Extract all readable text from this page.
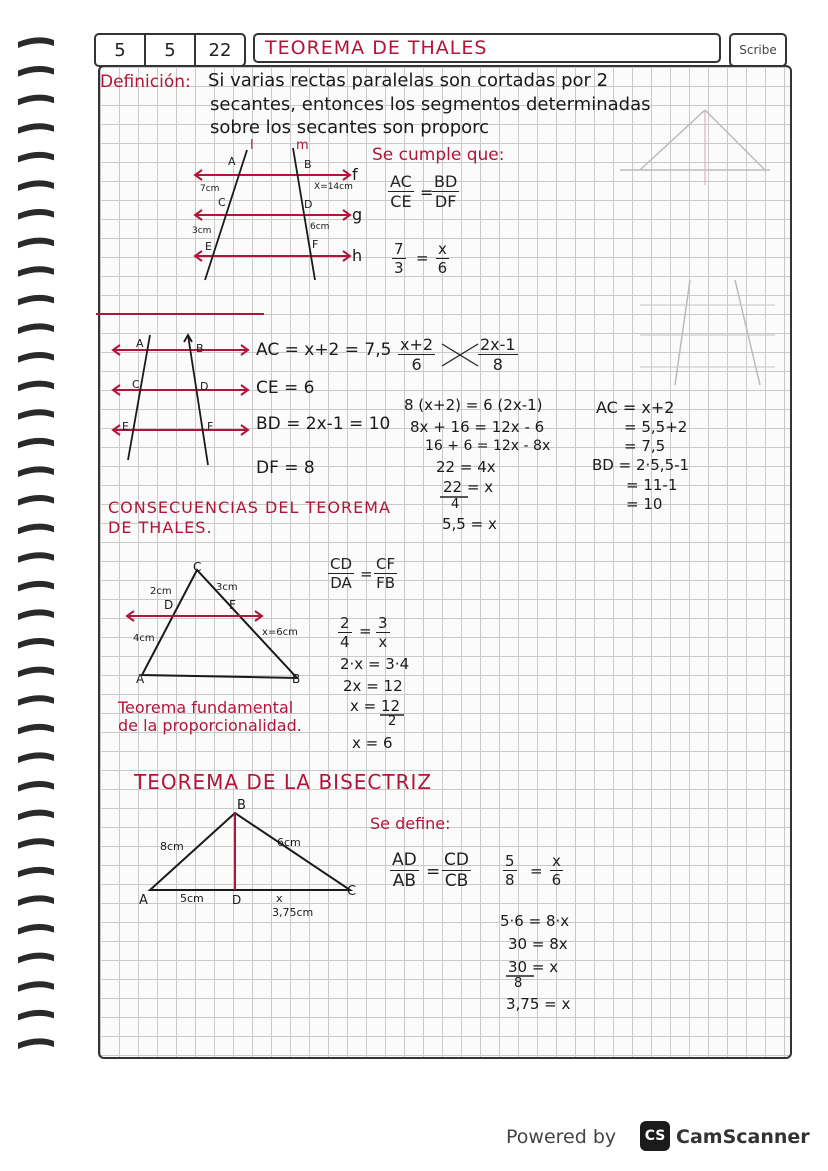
5	5	22	TEOREMA DE THALES	Scribe
Definición: Si varias rectas paralelas son cortadas por 2
secantes, entonces los segmentos determinadas
sobre los secantes son proporc
l	m
A	B
C	D
E	F
f
g
h
7cm
3cm
X=14cm
6cm
Se cumple que:
$\frac{AC}{CE}$ =
$\frac{BD}{DF}$
$\frac{7}{3} = \frac{x}{6}$
A	B
C	D
E	F
AC = $x+2 = 7,5 \frac{x+2}{6}$	$\frac{2x-1}{8}$
CE = 6
BD = 2x-1 = 10
DF = 8
8 (x+2) = 6 (2x-1)
8x + 16 = 12x - 6
16 + 6 = 12x - 8x
22 = 4x
22 = x
4
5,5 = x
AC = x+2
= 5,5+2
= 7,5
BD = 2·5,5-1
= 11-1
= 10
CONSECUENCIAS DEL TEOREMA
DE THALES.
C
D	F
A	B
2cm	3cm
4cm
x=6cm
$\frac{CD}{DA} = \frac{CF}{FB}$
$\frac{2}{4} = \frac{3}{x}$
2·x = 3·4
2x = 12
x = 12
2
x = 6
Teorema fundamental
de la proporcionalidad.
TEOREMA DE LA BISECTRIZ
B
A	D
C
8cm	6cm
5cm	x
3,75cm
Se define:
$\frac{AD}{AB} = \frac{CD}{CB} \frac{5}{8} = \frac{x}{6}$
5·6 = 8·x
30 = 8x
30 = x
8
3,75 = x
Powered by	CS CamScanner
